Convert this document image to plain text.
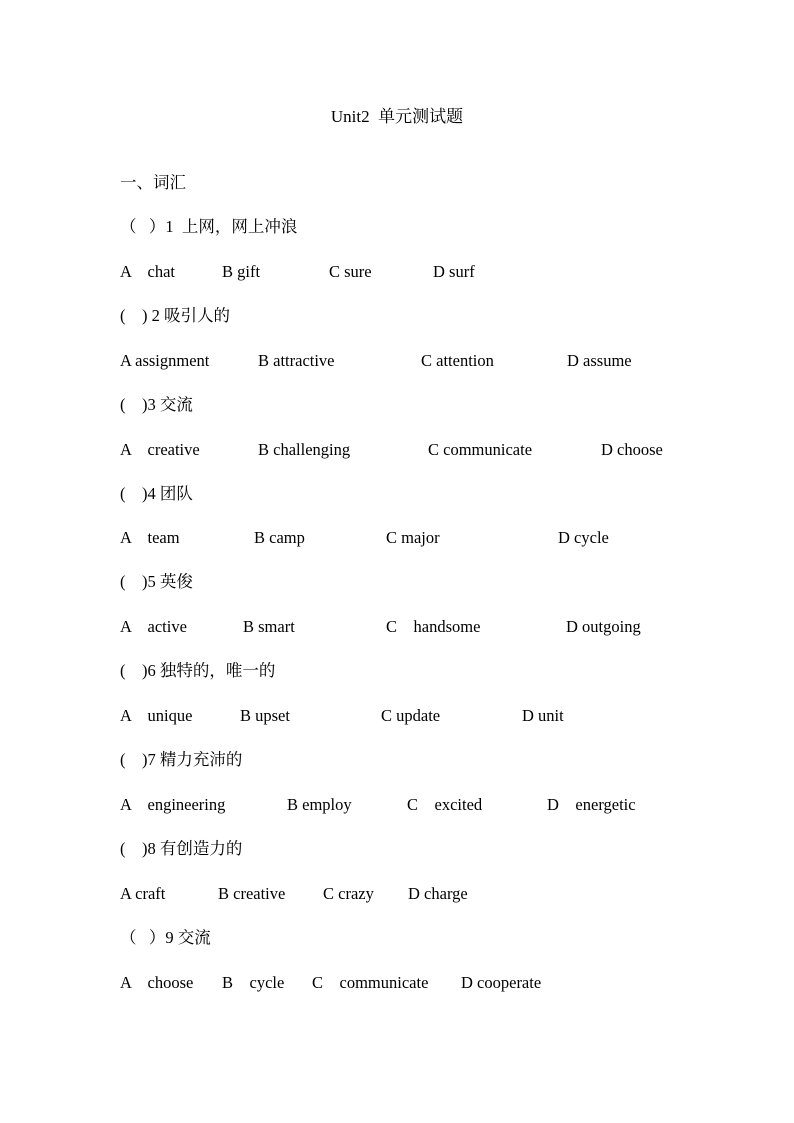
Unit2  单元测试题
一、词汇
（   ）1  上网，网上冲浪
A    chat	B gift	C sure	D surf
(    ) 2 吸引人的
A assignment	B attractive	C attention	D assume
(    )3 交流
A    creative	B challenging	C communicate	D choose
(    )4 团队
A    team	B camp	C major	D cycle
(    )5 英俊
A    active	B smart	C    handsome	D outgoing
(    )6 独特的，唯一的
A    unique	B upset	C update	D unit
(    )7 精力充沛的
A    engineering	B employ	C    excited	D    energetic
(    )8 有创造力的
A craft	B creative C crazy D charge
（   ）9 交流
A    choose B    cycle C    communicate D cooperate
